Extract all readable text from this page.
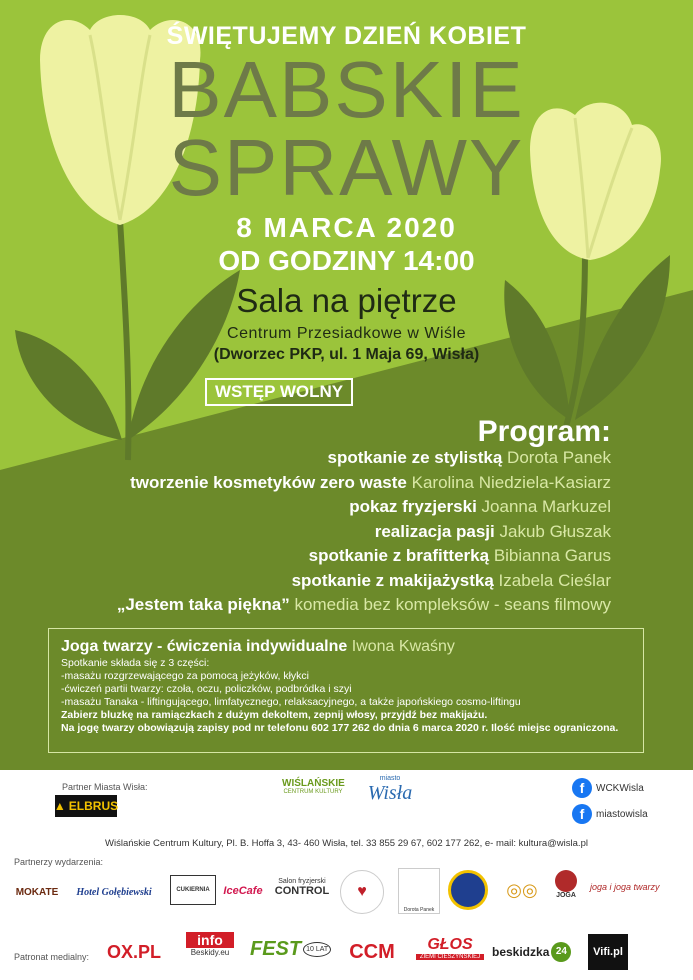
ŚWIĘTUJEMY DZIEŃ KOBIET
BABSKIE
SPRAWY
8 MARCA 2020
OD GODZINY 14:00
Sala na piętrze
Centrum Przesiadkowe w Wiśle
(Dworzec PKP, ul. 1 Maja 69, Wisła)
WSTĘP WOLNY
Program:
spotkanie ze stylistką Dorota Panek
tworzenie kosmetyków zero waste Karolina Niedziela-Kasiarz
pokaz fryzjerski Joanna Markuzel
realizacja pasji Jakub Głuszak
spotkanie z brafitterką Bibianna Garus
spotkanie z makijażystką Izabela Cieślar
„Jestem taka piękna” komedia bez kompleksów - seans filmowy
Joga twarzy - ćwiczenia indywidualne Iwona Kwaśny
Spotkanie składa się z 3 części:
-masażu rozgrzewającego za pomocą jeżyków, kłykci
-ćwiczeń partii twarzy: czoła, oczu, policzków, podbródka i szyi
-masażu Tanaka - liftingującego, limfatycznego, relaksacyjnego, a także japońskiego cosmo-liftingu
Zabierz bluzkę na ramiączkach z dużym dekoltem, zepnij włosy, przyjdź bez makijażu.
Na jogę twarzy obowiązują zapisy pod nr telefonu 602 177 262 do dnia 6 marca 2020 r. Ilość miejsc ograniczona.
Partner Miasta Wisła:
▲ ELBRUS
WIŚLAŃSKIE
CENTRUM KULTURY
miasto
Wisła	f	WCKWisla
f	miastowisla
Wiślańskie Centrum Kultury, Pl. B. Hoffa 3, 43- 460 Wisła, tel. 33 855 29 67, 602 177 262, e- mail: kultura@wisla.pl
Partnerzy wydarzenia:
MOKATE	Hotel Gołębiewski	CUKIERNIA	IceCafe
Salon fryzjerski
CONTROL	♥
Dorota Panek
◎◎	JOGA
joga i joga twarzy
Patronat medialny: OX.PL
info
Beskidy.eu FEST 10 LAT	CCM	GŁOS
ZIEMI CIESZYŃSKIEJ beskidzka 24	Vifi.pl
